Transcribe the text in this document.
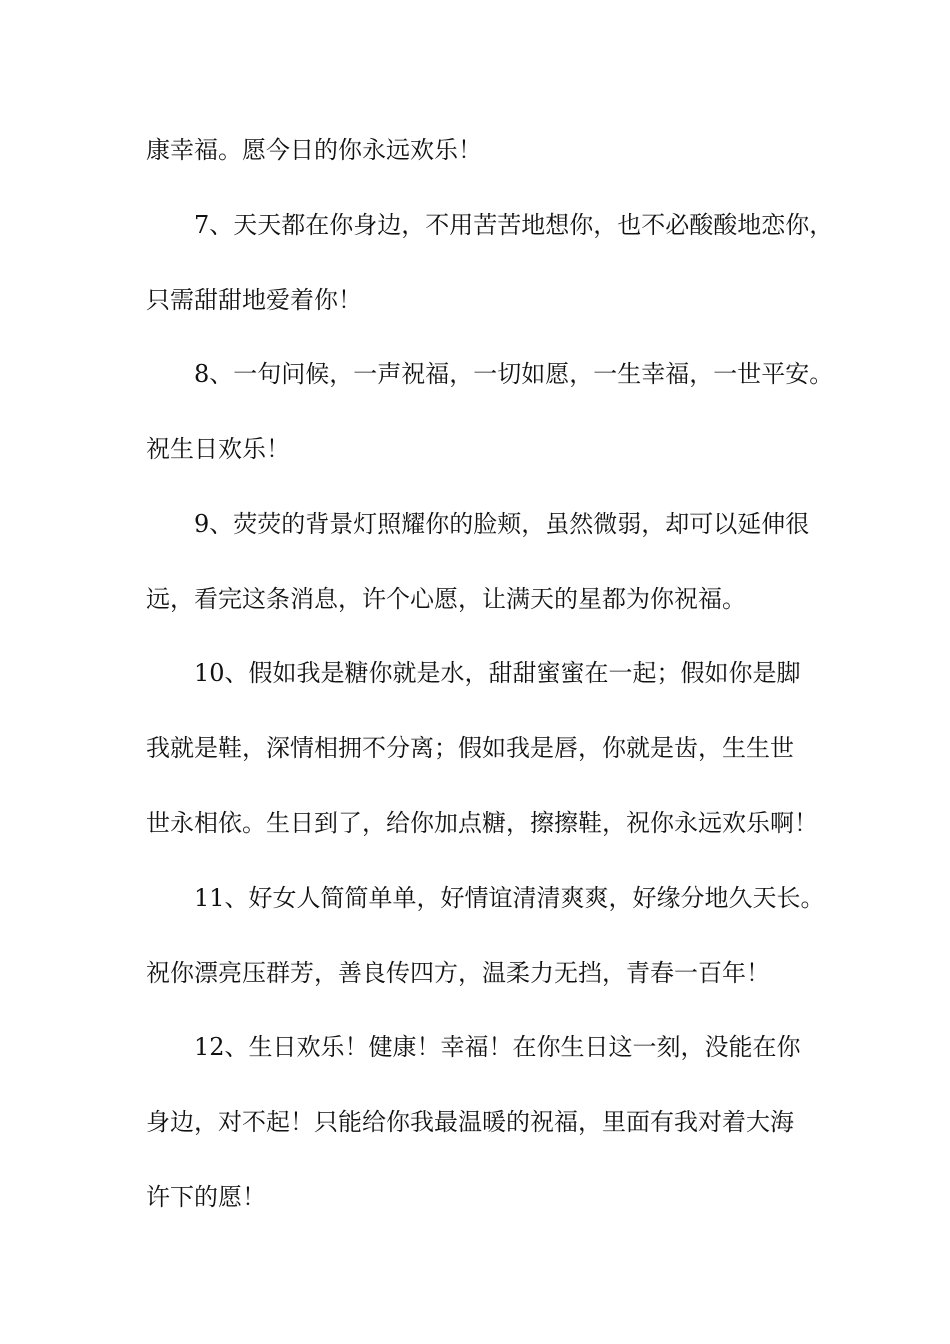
康幸福。愿今日的你永远欢乐！
7、天天都在你身边，不用苦苦地想你，也不必酸酸地恋你，
只需甜甜地爱着你！
8、一句问候，一声祝福，一切如愿，一生幸福，一世平安。
祝生日欢乐！
9、荧荧的背景灯照耀你的脸颊，虽然微弱，却可以延伸很
远，看完这条消息，许个心愿，让满天的星都为你祝福。
10、假如我是糖你就是水，甜甜蜜蜜在一起；假如你是脚
我就是鞋，深情相拥不分离；假如我是唇，你就是齿，生生世
世永相依。生日到了，给你加点糖，擦擦鞋，祝你永远欢乐啊！
11、好女人简简单单，好情谊清清爽爽，好缘分地久天长。
祝你漂亮压群芳，善良传四方，温柔力无挡，青春一百年！
12、生日欢乐！健康！幸福！在你生日这一刻，没能在你
身边，对不起！只能给你我最温暖的祝福，里面有我对着大海
许下的愿！
